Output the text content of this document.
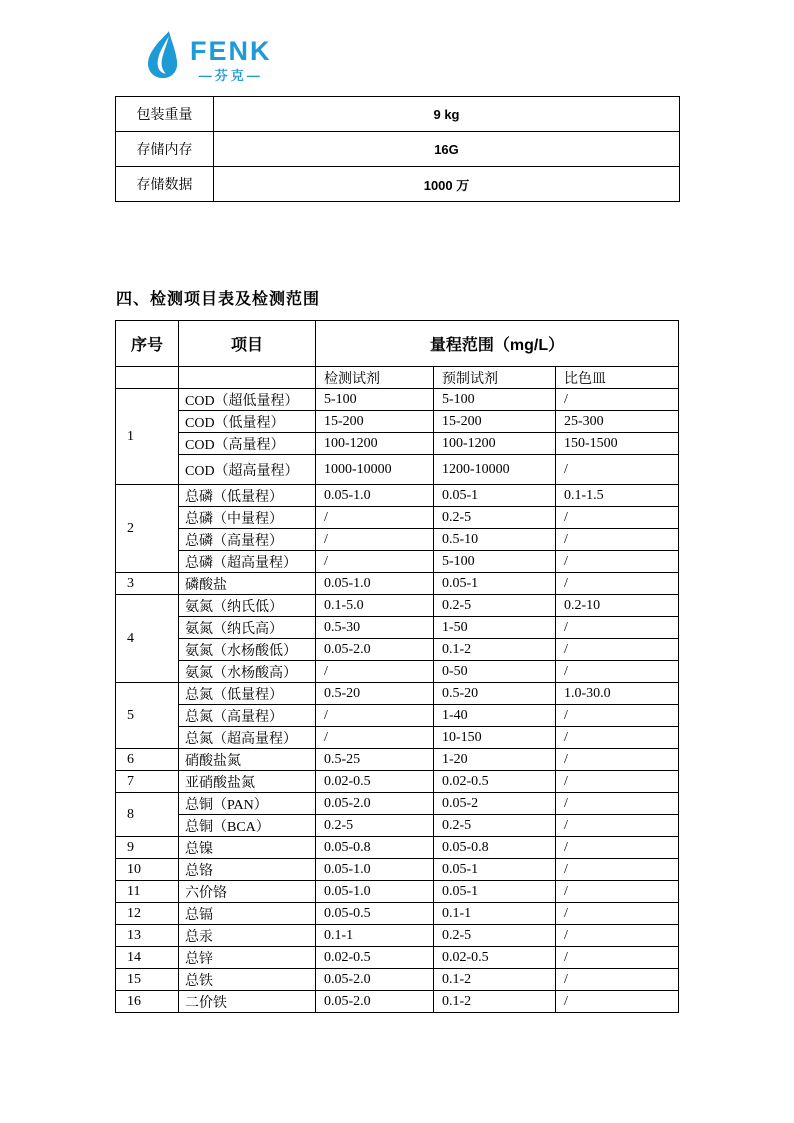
FENK
—芬克—
包装重量	9 kg
存储内存	16G
存储数据	1000 万
四、检测项目表及检测范围
序号	项目	量程范围（mg/L）		
		检测试剂	预制试剂	比色皿
1	COD（超低量程）	5-100	5-100	/
	COD（低量程）	15-200	15-200	25-300
	COD（高量程）	100-1200	100-1200	150-1500
	COD（超高量程）	1000-10000	1200-10000	/
2	总磷（低量程）	0.05-1.0	0.05-1	0.1-1.5
	总磷（中量程）	/	0.2-5	/
	总磷（高量程）	/	0.5-10	/
	总磷（超高量程）	/	5-100	/
3	磷酸盐	0.05-1.0	0.05-1	/
4	氨氮（纳氏低）	0.1-5.0	0.2-5	0.2-10
	氨氮（纳氏高）	0.5-30	1-50	/
	氨氮（水杨酸低）	0.05-2.0	0.1-2	/
	氨氮（水杨酸高）	/	0-50	/
5	总氮（低量程）	0.5-20	0.5-20	1.0-30.0
	总氮（高量程）	/	1-40	/
	总氮（超高量程）	/	10-150	/
6	硝酸盐氮	0.5-25	1-20	/
7	亚硝酸盐氮	0.02-0.5	0.02-0.5	/
8	总铜（PAN）	0.05-2.0	0.05-2	/
	总铜（BCA）	0.2-5	0.2-5	/
9	总镍	0.05-0.8	0.05-0.8	/
10	总铬	0.05-1.0	0.05-1	/
11	六价铬	0.05-1.0	0.05-1	/
12	总镉	0.05-0.5	0.1-1	/
13	总汞	0.1-1	0.2-5	/
14	总锌	0.02-0.5	0.02-0.5	/
15	总铁	0.05-2.0	0.1-2	/
16	二价铁	0.05-2.0	0.1-2	/
